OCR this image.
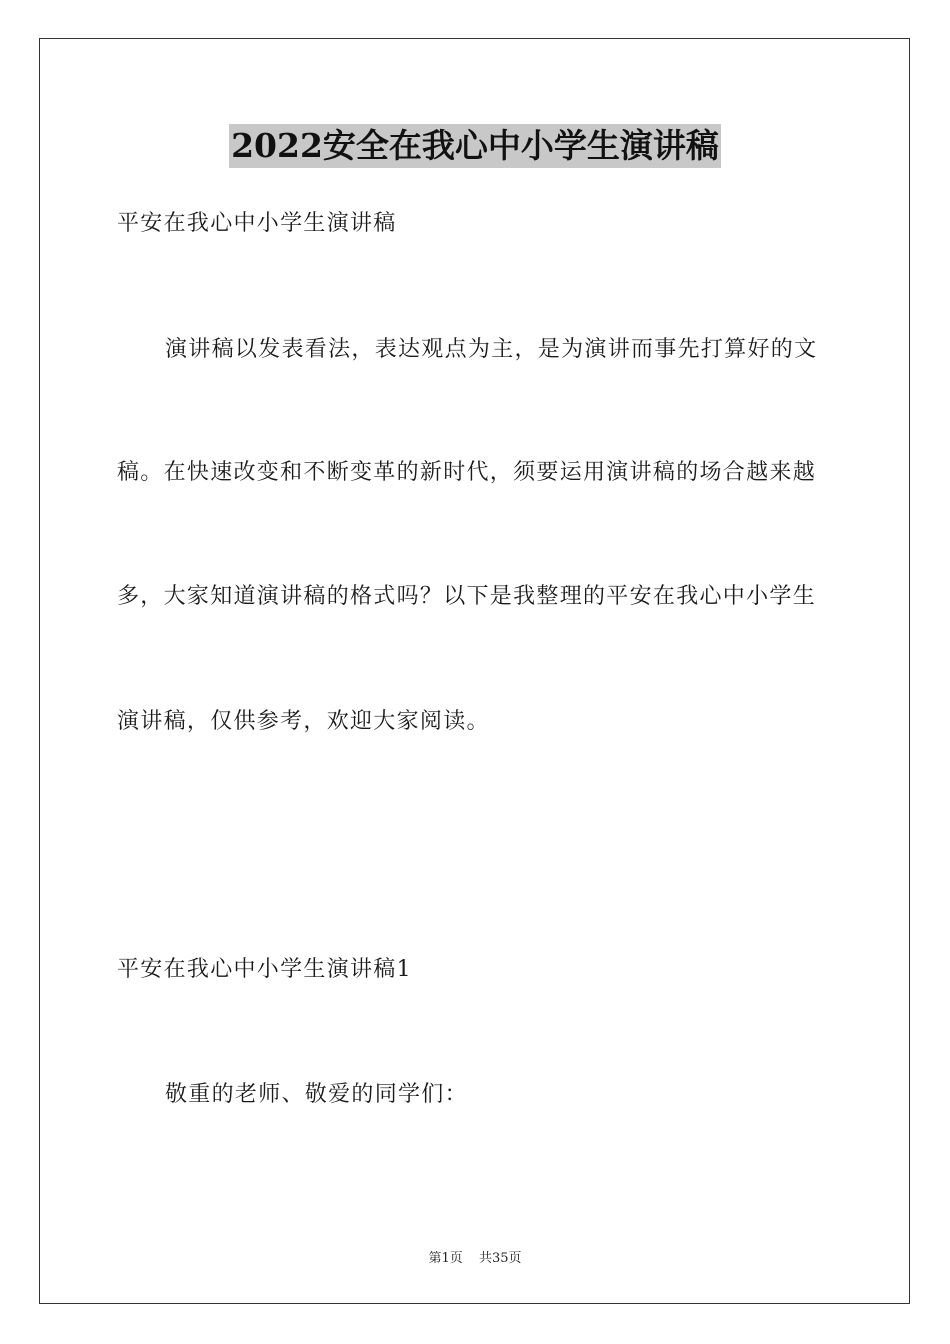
2022安全在我心中小学生演讲稿
平安在我心中小学生演讲稿
演讲稿以发表看法，表达观点为主，是为演讲而事先打算好的文
稿。在快速改变和不断变革的新时代，须要运用演讲稿的场合越来越
多，大家知道演讲稿的格式吗？以下是我整理的平安在我心中小学生
演讲稿，仅供参考，欢迎大家阅读。
平安在我心中小学生演讲稿1
敬重的老师、敬爱的同学们：
第1页 共35页
